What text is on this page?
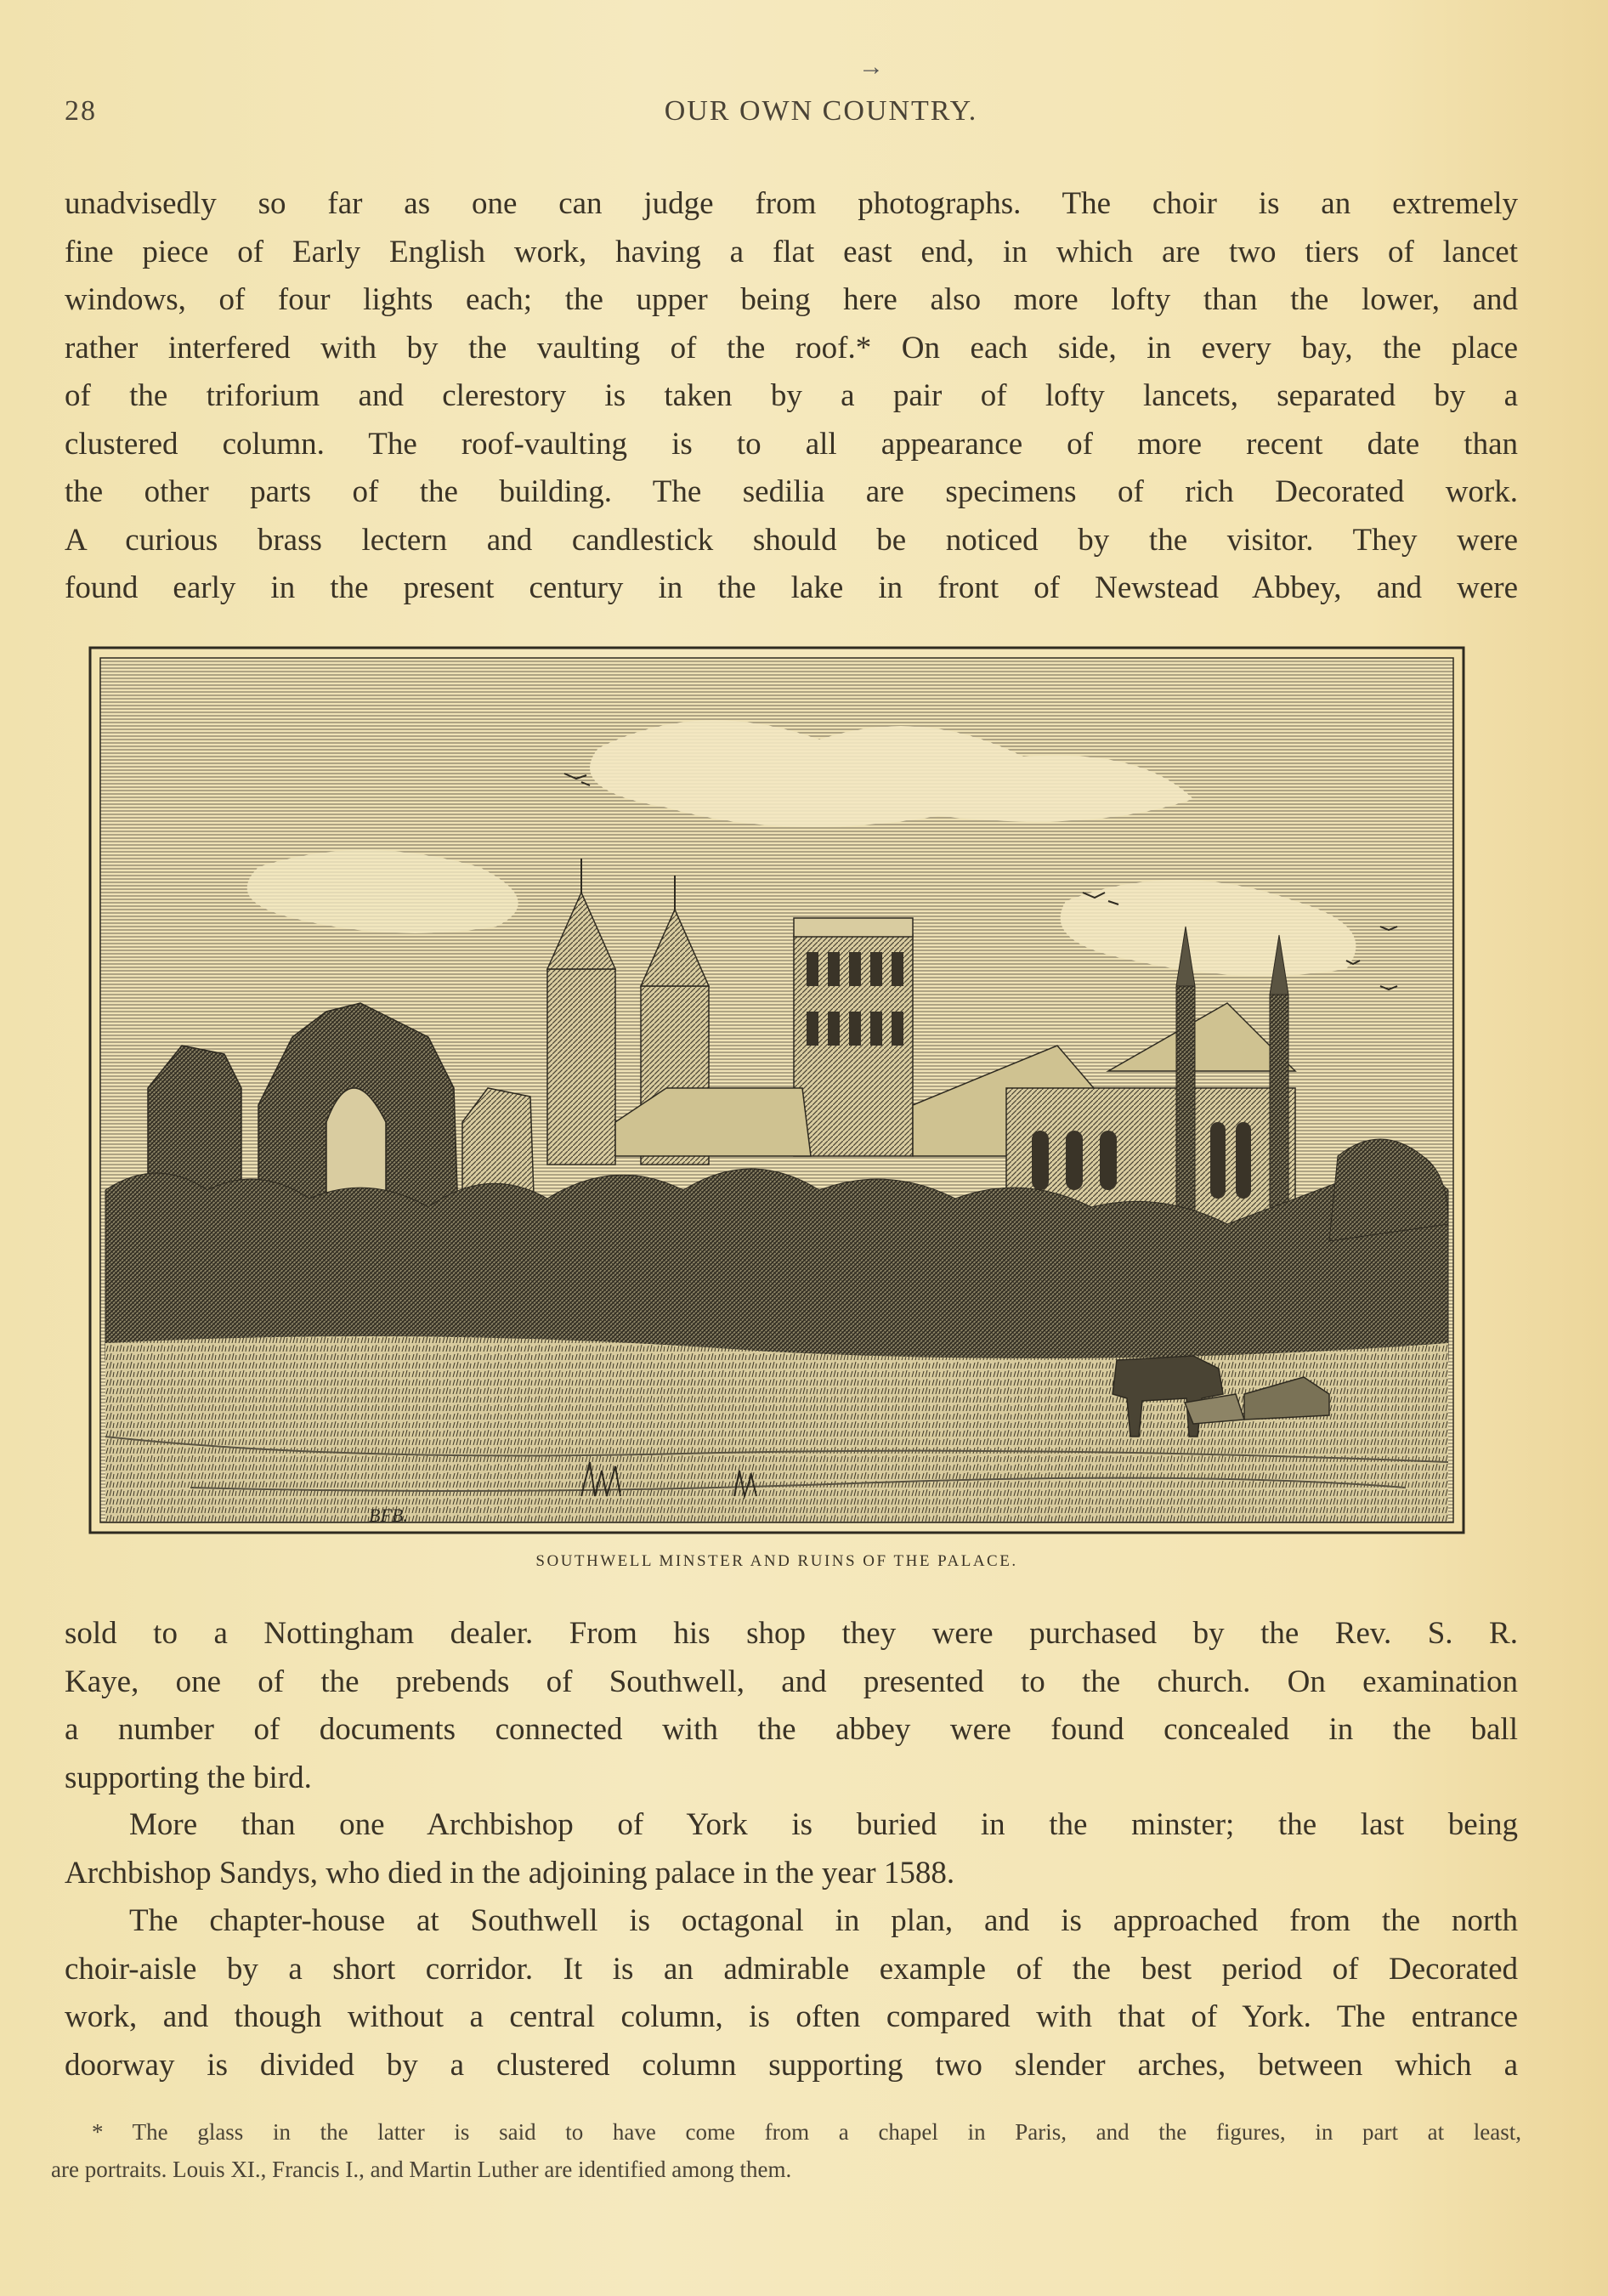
→
28	OUR OWN COUNTRY.
unadvisedly so far as one can judge from photographs. The choir is an extremely
fine piece of Early English work, having a flat east end, in which are two tiers of lancet
windows, of four lights each; the upper being here also more lofty than the lower, and
rather interfered with by the vaulting of the roof.* On each side, in every bay, the place
of the triforium and clerestory is taken by a pair of lofty lancets, separated by a
clustered column. The roof-vaulting is to all appearance of more recent date than
the other parts of the building. The sedilia are specimens of rich Decorated work.
A curious brass lectern and candlestick should be noticed by the visitor. They were
found early in the present century in the lake in front of Newstead Abbey, and were
BFB.
SOUTHWELL MINSTER AND RUINS OF THE PALACE.
sold to a Nottingham dealer. From his shop they were purchased by the Rev. S. R.
Kaye, one of the prebends of Southwell, and presented to the church. On examination
a number of documents connected with the abbey were found concealed in the ball
supporting the bird.
More than one Archbishop of York is buried in the minster; the last being
Archbishop Sandys, who died in the adjoining palace in the year 1588.
The chapter-house at Southwell is octagonal in plan, and is approached from the north
choir-aisle by a short corridor. It is an admirable example of the best period of Decorated
work, and though without a central column, is often compared with that of York. The entrance
doorway is divided by a clustered column supporting two slender arches, between which a
* The glass in the latter is said to have come from a chapel in Paris, and the figures, in part at least,
are portraits. Louis XI., Francis I., and Martin Luther are identified among them.
